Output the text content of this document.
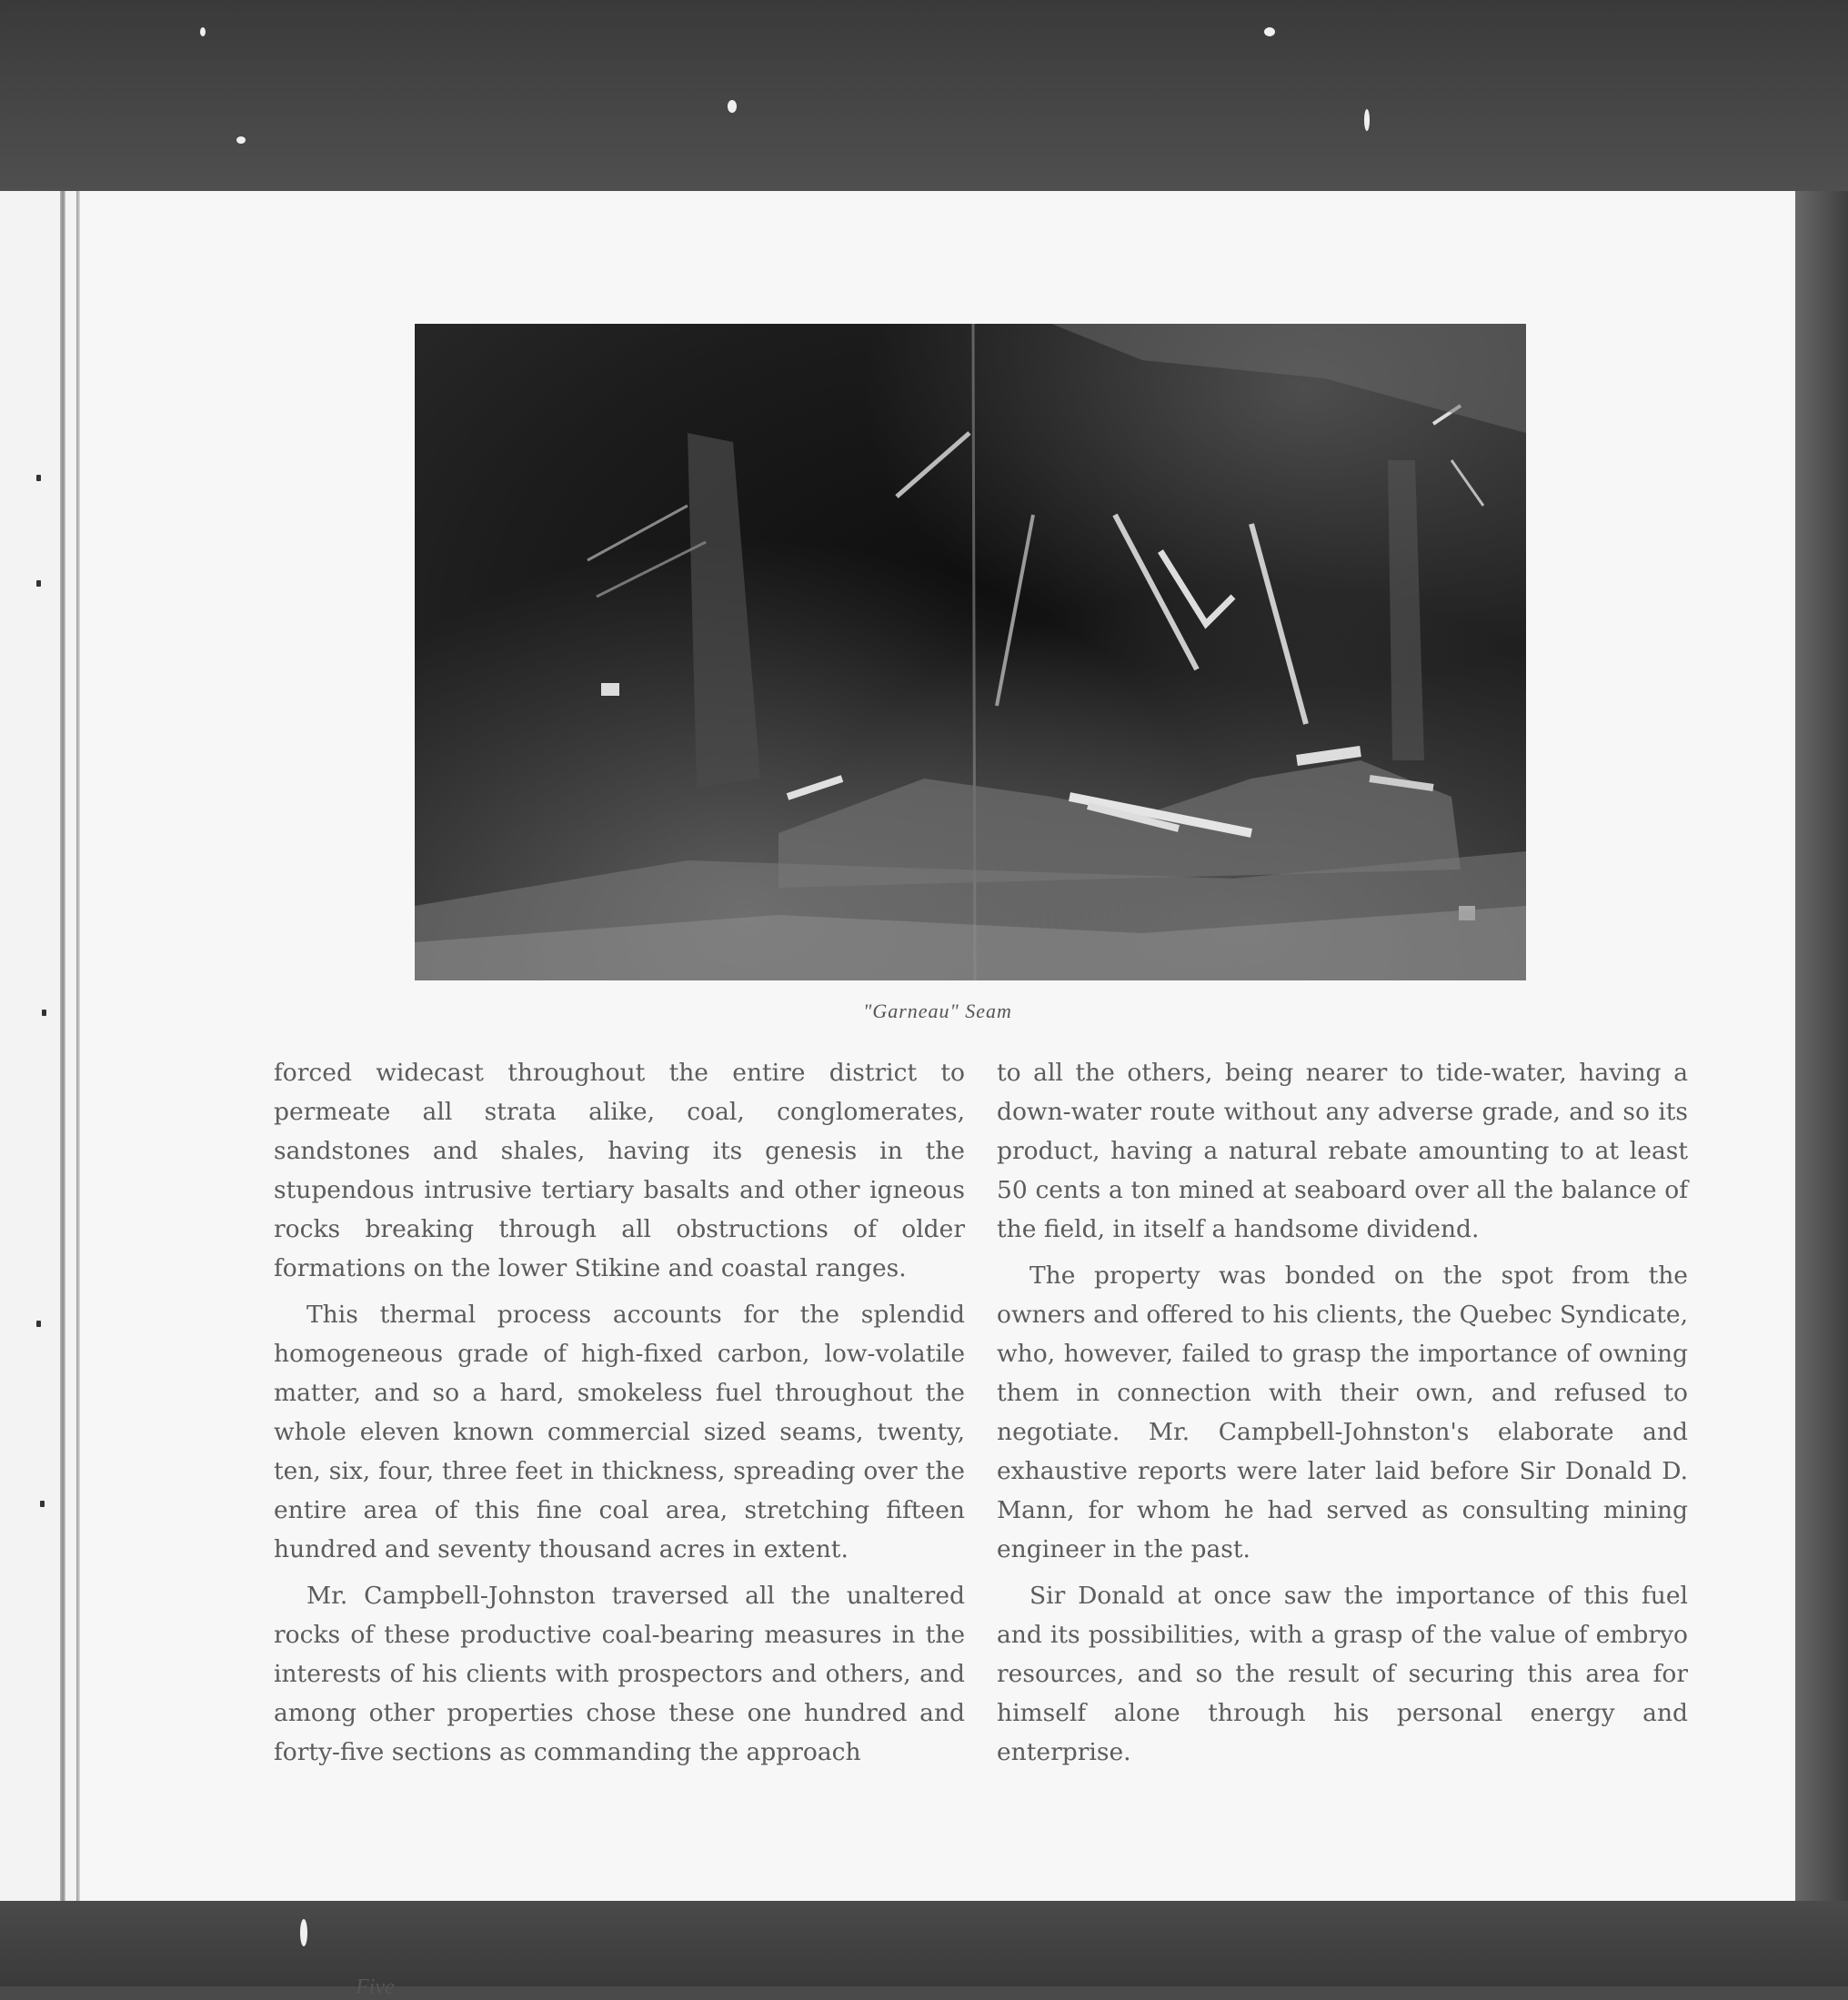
"Garneau" Seam

forced widecast throughout the entire district to permeate all strata alike, coal, conglomerates, sandstones and shales, having its genesis in the stupendous intrusive tertiary basalts and other igneous rocks breaking through all obstructions of older formations on the lower Stikine and coastal ranges.

This thermal process accounts for the splendid homogeneous grade of high-fixed carbon, low-volatile matter, and so a hard, smokeless fuel throughout the whole eleven known commercial sized seams, twenty, ten, six, four, three feet in thickness, spreading over the entire area of this fine coal area, stretching fifteen hundred and seventy thousand acres in extent.

Mr. Campbell-Johnston traversed all the unaltered rocks of these productive coal-bearing measures in the interests of his clients with prospectors and others, and among other properties chose these one hundred and forty-five sections as commanding the approach

to all the others, being nearer to tide-water, having a down-water route without any adverse grade, and so its product, having a natural rebate amounting to at least 50 cents a ton mined at seaboard over all the balance of the field, in itself a handsome dividend.

The property was bonded on the spot from the owners and offered to his clients, the Quebec Syndicate, who, however, failed to grasp the importance of owning them in connection with their own, and refused to negotiate. Mr. Campbell-Johnston's elaborate and exhaustive reports were later laid before Sir Donald D. Mann, for whom he had served as consulting mining engineer in the past.

Sir Donald at once saw the importance of this fuel and its possibilities, with a grasp of the value of embryo resources, and so the result of securing this area for himself alone through his personal energy and enterprise.

Five
